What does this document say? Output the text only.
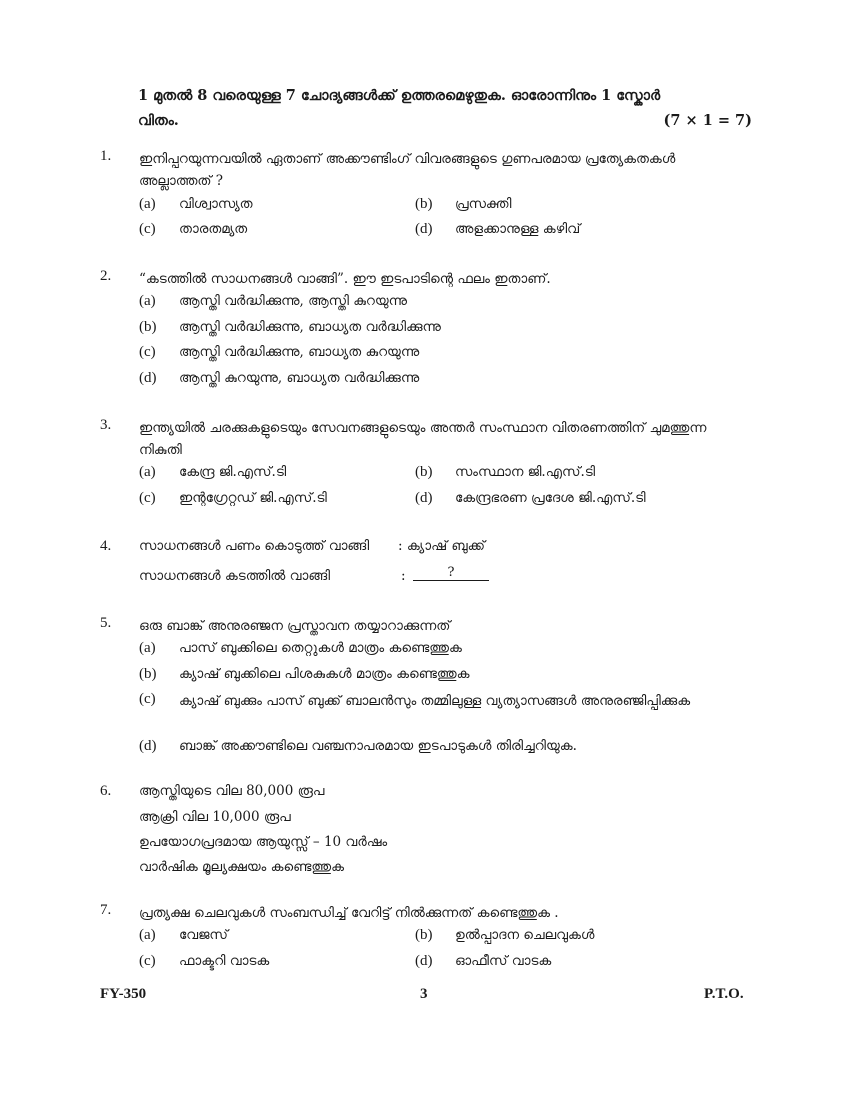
1 മുതൽ 8 വരെയുള്ള 7 ചോദ്യങ്ങൾക്ക് ഉത്തരമെഴുതുക. ഓരോന്നിനും 1 സ്കോർ
വിതം.	(7 × 1 = 7)
1. ഇനിപ്പറയുന്നവയിൽ ഏതാണ് അക്കൗണ്ടിംഗ് വിവരങ്ങളുടെ ഗുണപരമായ പ്രത്യേകതകൾ അല്ലാത്തത് ?
(a) വിശ്വാസ്യത	(b) പ്രസക്തി
(c) താരതമ്യത	(d) അളക്കാനുള്ള കഴിവ്
2. “കടത്തിൽ സാധനങ്ങൾ വാങ്ങി”. ഈ ഇടപാടിന്റെ ഫലം ഇതാണ്.
(a) ആസ്തി വർദ്ധിക്കുന്നു, ആസ്തി കുറയുന്നു
(b) ആസ്തി വർദ്ധിക്കുന്നു, ബാധ്യത വർദ്ധിക്കുന്നു
(c) ആസ്തി വർദ്ധിക്കുന്നു, ബാധ്യത കുറയുന്നു
(d) ആസ്തി കുറയുന്നു, ബാധ്യത വർദ്ധിക്കുന്നു
3. ഇന്ത്യയിൽ ചരക്കുകളുടെയും സേവനങ്ങളുടെയും അന്തർ സംസ്ഥാന വിതരണത്തിന് ചുമത്തുന്ന നികുതി
(a) കേന്ദ്ര ജി.എസ്.ടി	(b) സംസ്ഥാന ജി.എസ്.ടി
(c) ഇന്റഗ്രേറ്റഡ് ജി.എസ്.ടി	(d) കേന്ദ്രഭരണ പ്രദേശ ജി.എസ്.ടി
4. സാധനങ്ങൾ പണം കൊടുത്ത് വാങ്ങി : ക്യാഷ് ബുക്ക്
സാധനങ്ങൾ കടത്തിൽ വാങ്ങി	:	?
5. ഒരു ബാങ്ക് അനുരഞ്ജന പ്രസ്താവന തയ്യാറാക്കുന്നത്
(a) പാസ് ബുക്കിലെ തെറ്റുകൾ മാത്രം കണ്ടെത്തുക
(b) ക്യാഷ് ബുക്കിലെ പിശകുകൾ മാത്രം കണ്ടെത്തുക
(c)	ക്യാഷ് ബുക്കും പാസ് ബുക്ക് ബാലൻസും തമ്മിലുള്ള വ്യത്യാസങ്ങൾ അനുരഞ്ജിപ്പിക്കുക
(d) ബാങ്ക് അക്കൗണ്ടിലെ വഞ്ചനാപരമായ ഇടപാടുകൾ തിരിച്ചറിയുക.
6. ആസ്തിയുടെ വില 80,000 രൂപ
ആക്രി വില 10,000 രൂപ
ഉപയോഗപ്രദമായ ആയുസ്സ് – 10 വർഷം
വാർഷിക മൂല്യക്ഷയം കണ്ടെത്തുക
7. പ്രത്യക്ഷ ചെലവുകൾ സംബന്ധിച്ച് വേറിട്ട് നിൽക്കുന്നത് കണ്ടെത്തുക .
(a) വേജസ്	(b) ഉൽപ്പാദന ചെലവുകൾ
(c) ഫാക്ടറി വാടക	(d) ഓഫീസ് വാടക
FY-350	3	P.T.O.
